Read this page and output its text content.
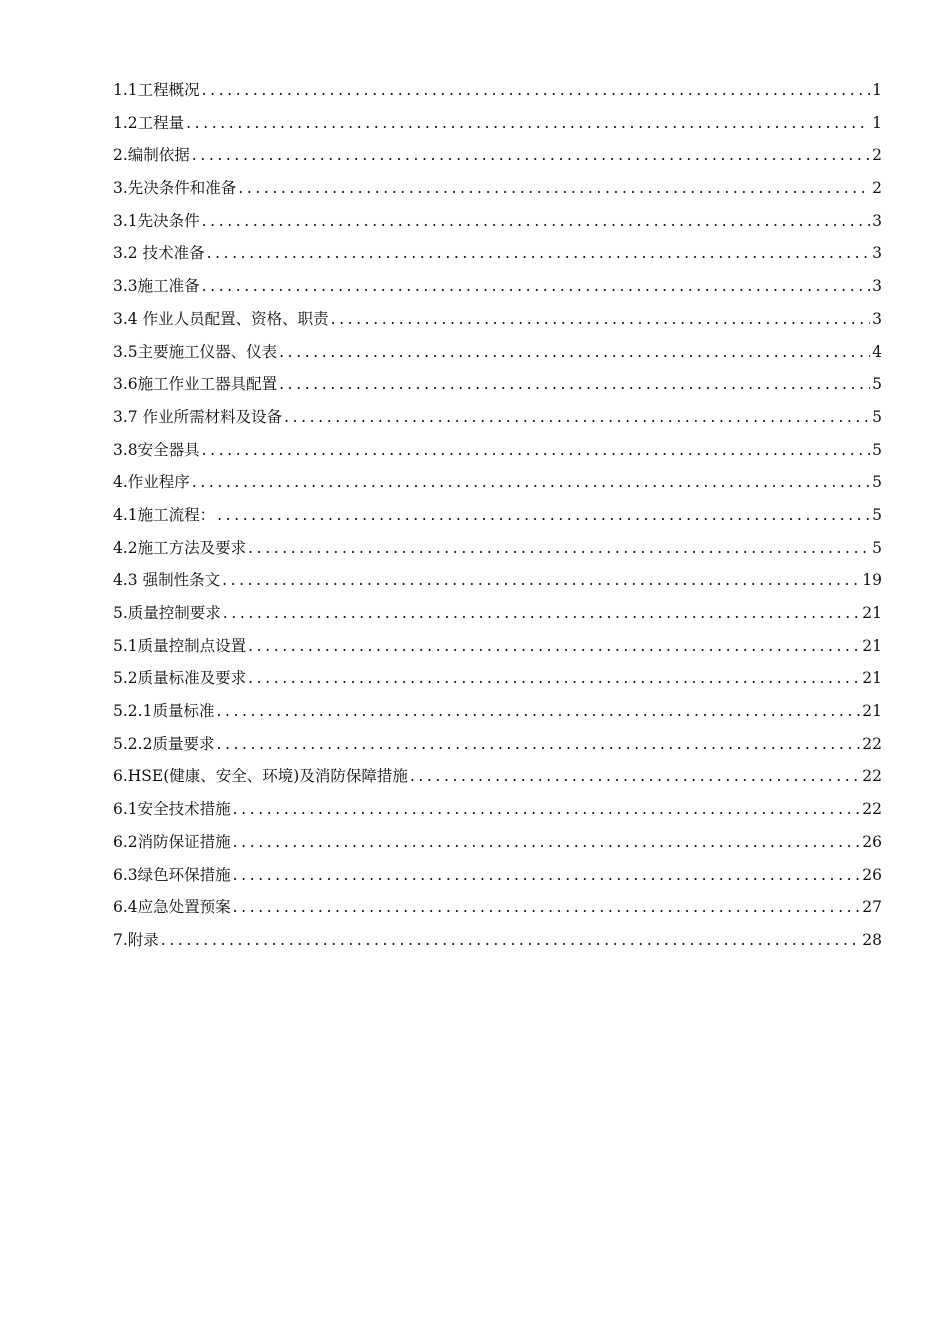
1.1工程概况 .....	1
1.2工程量 .....	1
2.编制依据 .....	2
3.先决条件和准备 .....	2
3.1先决条件 .....	3
3.2 技术准备 .....	3
3.3施工准备 .....	3
3.4 作业人员配置、资格、职责 .....	3
3.5主要施工仪器、仪表 .....	4
3.6施工作业工器具配置 .....	5
3.7 作业所需材料及设备 .....	5
3.8安全器具 .....	5
4.作业程序 .....	5
4.1施工流程： .....	5
4.2施工方法及要求 .....	5
4.3 强制性条文 .....	19
5.质量控制要求 .....	21
5.1质量控制点设置 .....	21
5.2质量标准及要求 .....	21
5.2.1质量标准 .....	21
5.2.2质量要求 .....	22
6.HSE(健康、安全、环境)及消防保障措施 .....	22
6.1安全技术措施 .....	22
6.2消防保证措施 .....	26
6.3绿色环保措施 .....	26
6.4应急处置预案 .....	27
7.附录 .....	28
